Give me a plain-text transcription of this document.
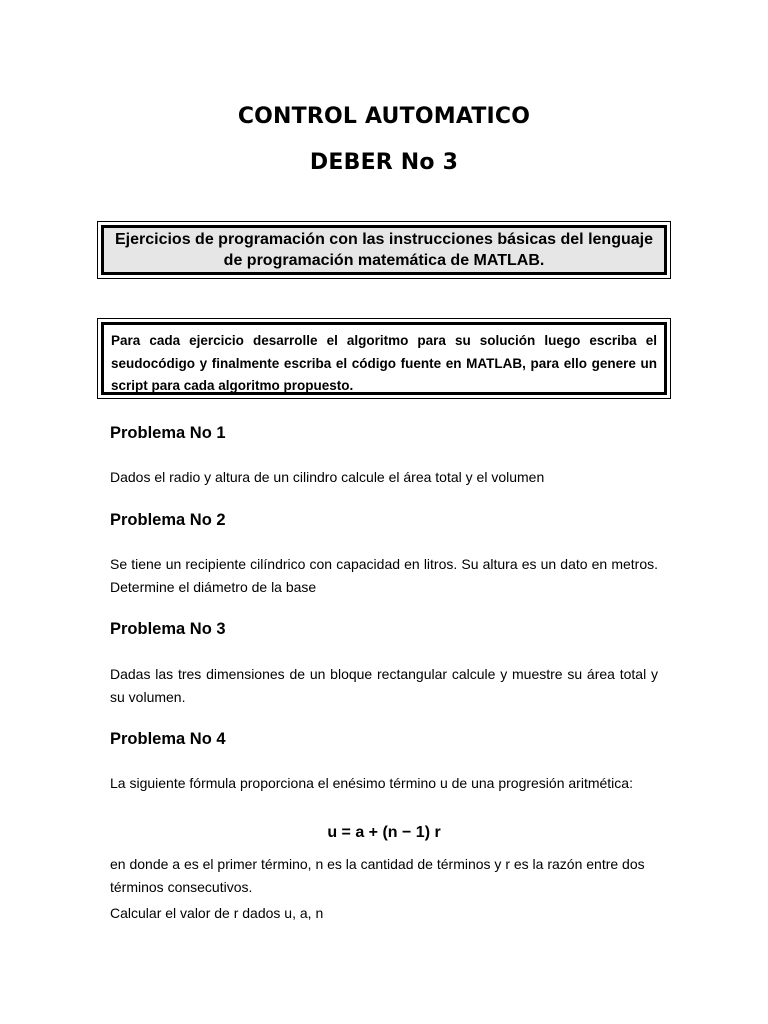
CONTROL AUTOMATICO
DEBER No 3
Ejercicios de programación con las instrucciones básicas del lenguaje de programación matemática de MATLAB.
Para cada ejercicio desarrolle el algoritmo para su solución luego escriba el seudocódigo y finalmente escriba el código fuente en MATLAB, para ello genere un script para cada algoritmo propuesto.
Problema No 1
Dados el radio y altura de un cilindro calcule el área total y el volumen
Problema No 2
Se tiene un recipiente cilíndrico con capacidad en litros. Su altura es un dato en metros. Determine el diámetro de la base
Problema No 3
Dadas las tres dimensiones de un bloque rectangular calcule y muestre su área total y su volumen.
Problema No 4
La siguiente fórmula proporciona el enésimo término u de una progresión aritmética:
u = a + (n − 1) r
en donde a es el primer término, n es la cantidad de términos y r es la razón entre dos términos consecutivos.
Calcular el valor de r dados u, a, n
